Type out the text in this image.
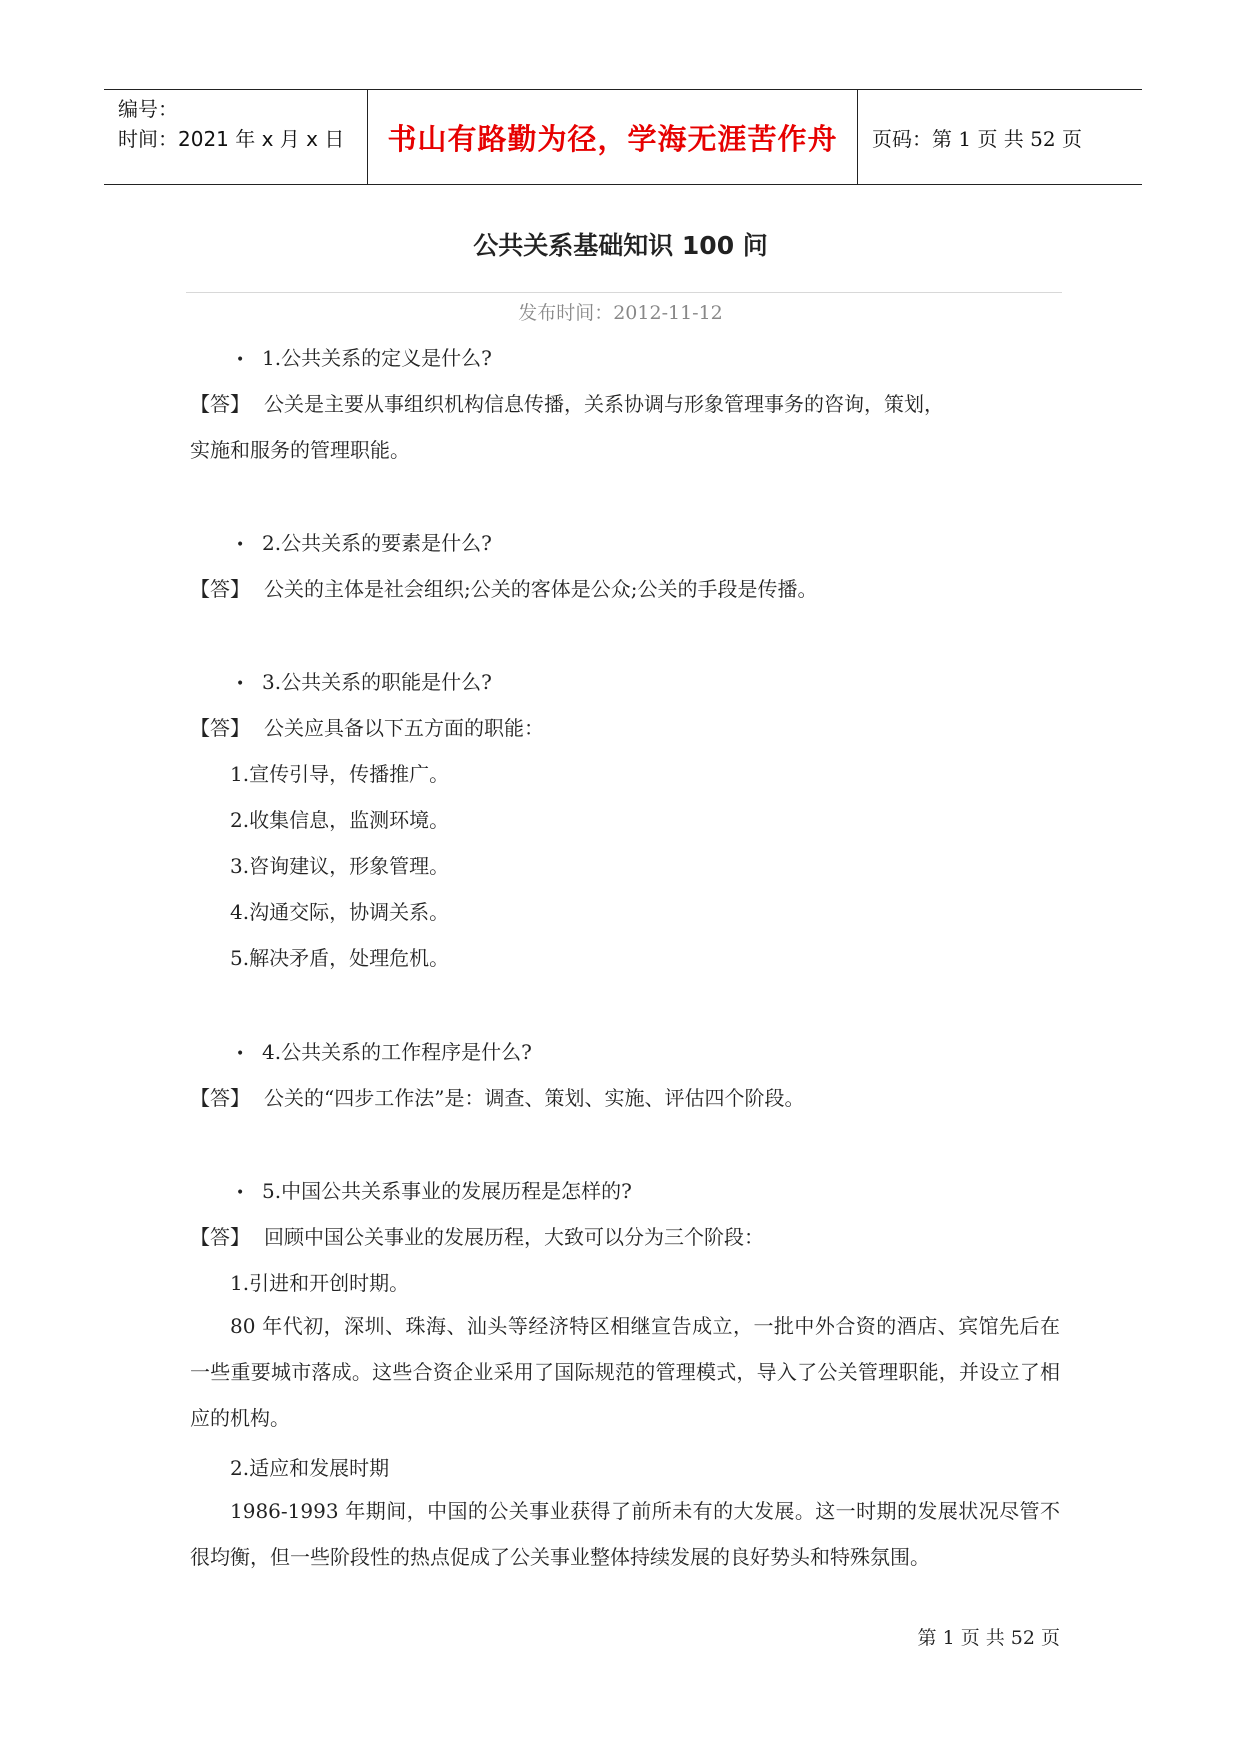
编号：
时间：2021 年 x 月 x 日	书山有路勤为径，学海无涯苦作舟	页码：第 1 页 共 52 页
公共关系基础知识 100 问
发布时间：2012-11-12
• 1.公共关系的定义是什么?
【答】 公关是主要从事组织机构信息传播，关系协调与形象管理事务的咨询，策划，
实施和服务的管理职能。
• 2.公共关系的要素是什么?
【答】 公关的主体是社会组织;公关的客体是公众;公关的手段是传播。
• 3.公共关系的职能是什么?
【答】 公关应具备以下五方面的职能：
1.宣传引导，传播推广。
2.收集信息，监测环境。
3.咨询建议，形象管理。
4.沟通交际，协调关系。
5.解决矛盾，处理危机。
• 4.公共关系的工作程序是什么?
【答】 公关的“四步工作法”是：调查、策划、实施、评估四个阶段。
• 5.中国公共关系事业的发展历程是怎样的?
【答】 回顾中国公关事业的发展历程，大致可以分为三个阶段：
1.引进和开创时期。
80 年代初，深圳、珠海、汕头等经济特区相继宣告成立，一批中外合资的酒店、宾馆先后在一些重要城市落成。这些合资企业采用了国际规范的管理模式，导入了公关管理职能，并设立了相应的机构。
2.适应和发展时期
1986-1993 年期间，中国的公关事业获得了前所未有的大发展。这一时期的发展状况尽管不很均衡，但一些阶段性的热点促成了公关事业整体持续发展的良好势头和特殊氛围。
第 1 页 共 52 页
